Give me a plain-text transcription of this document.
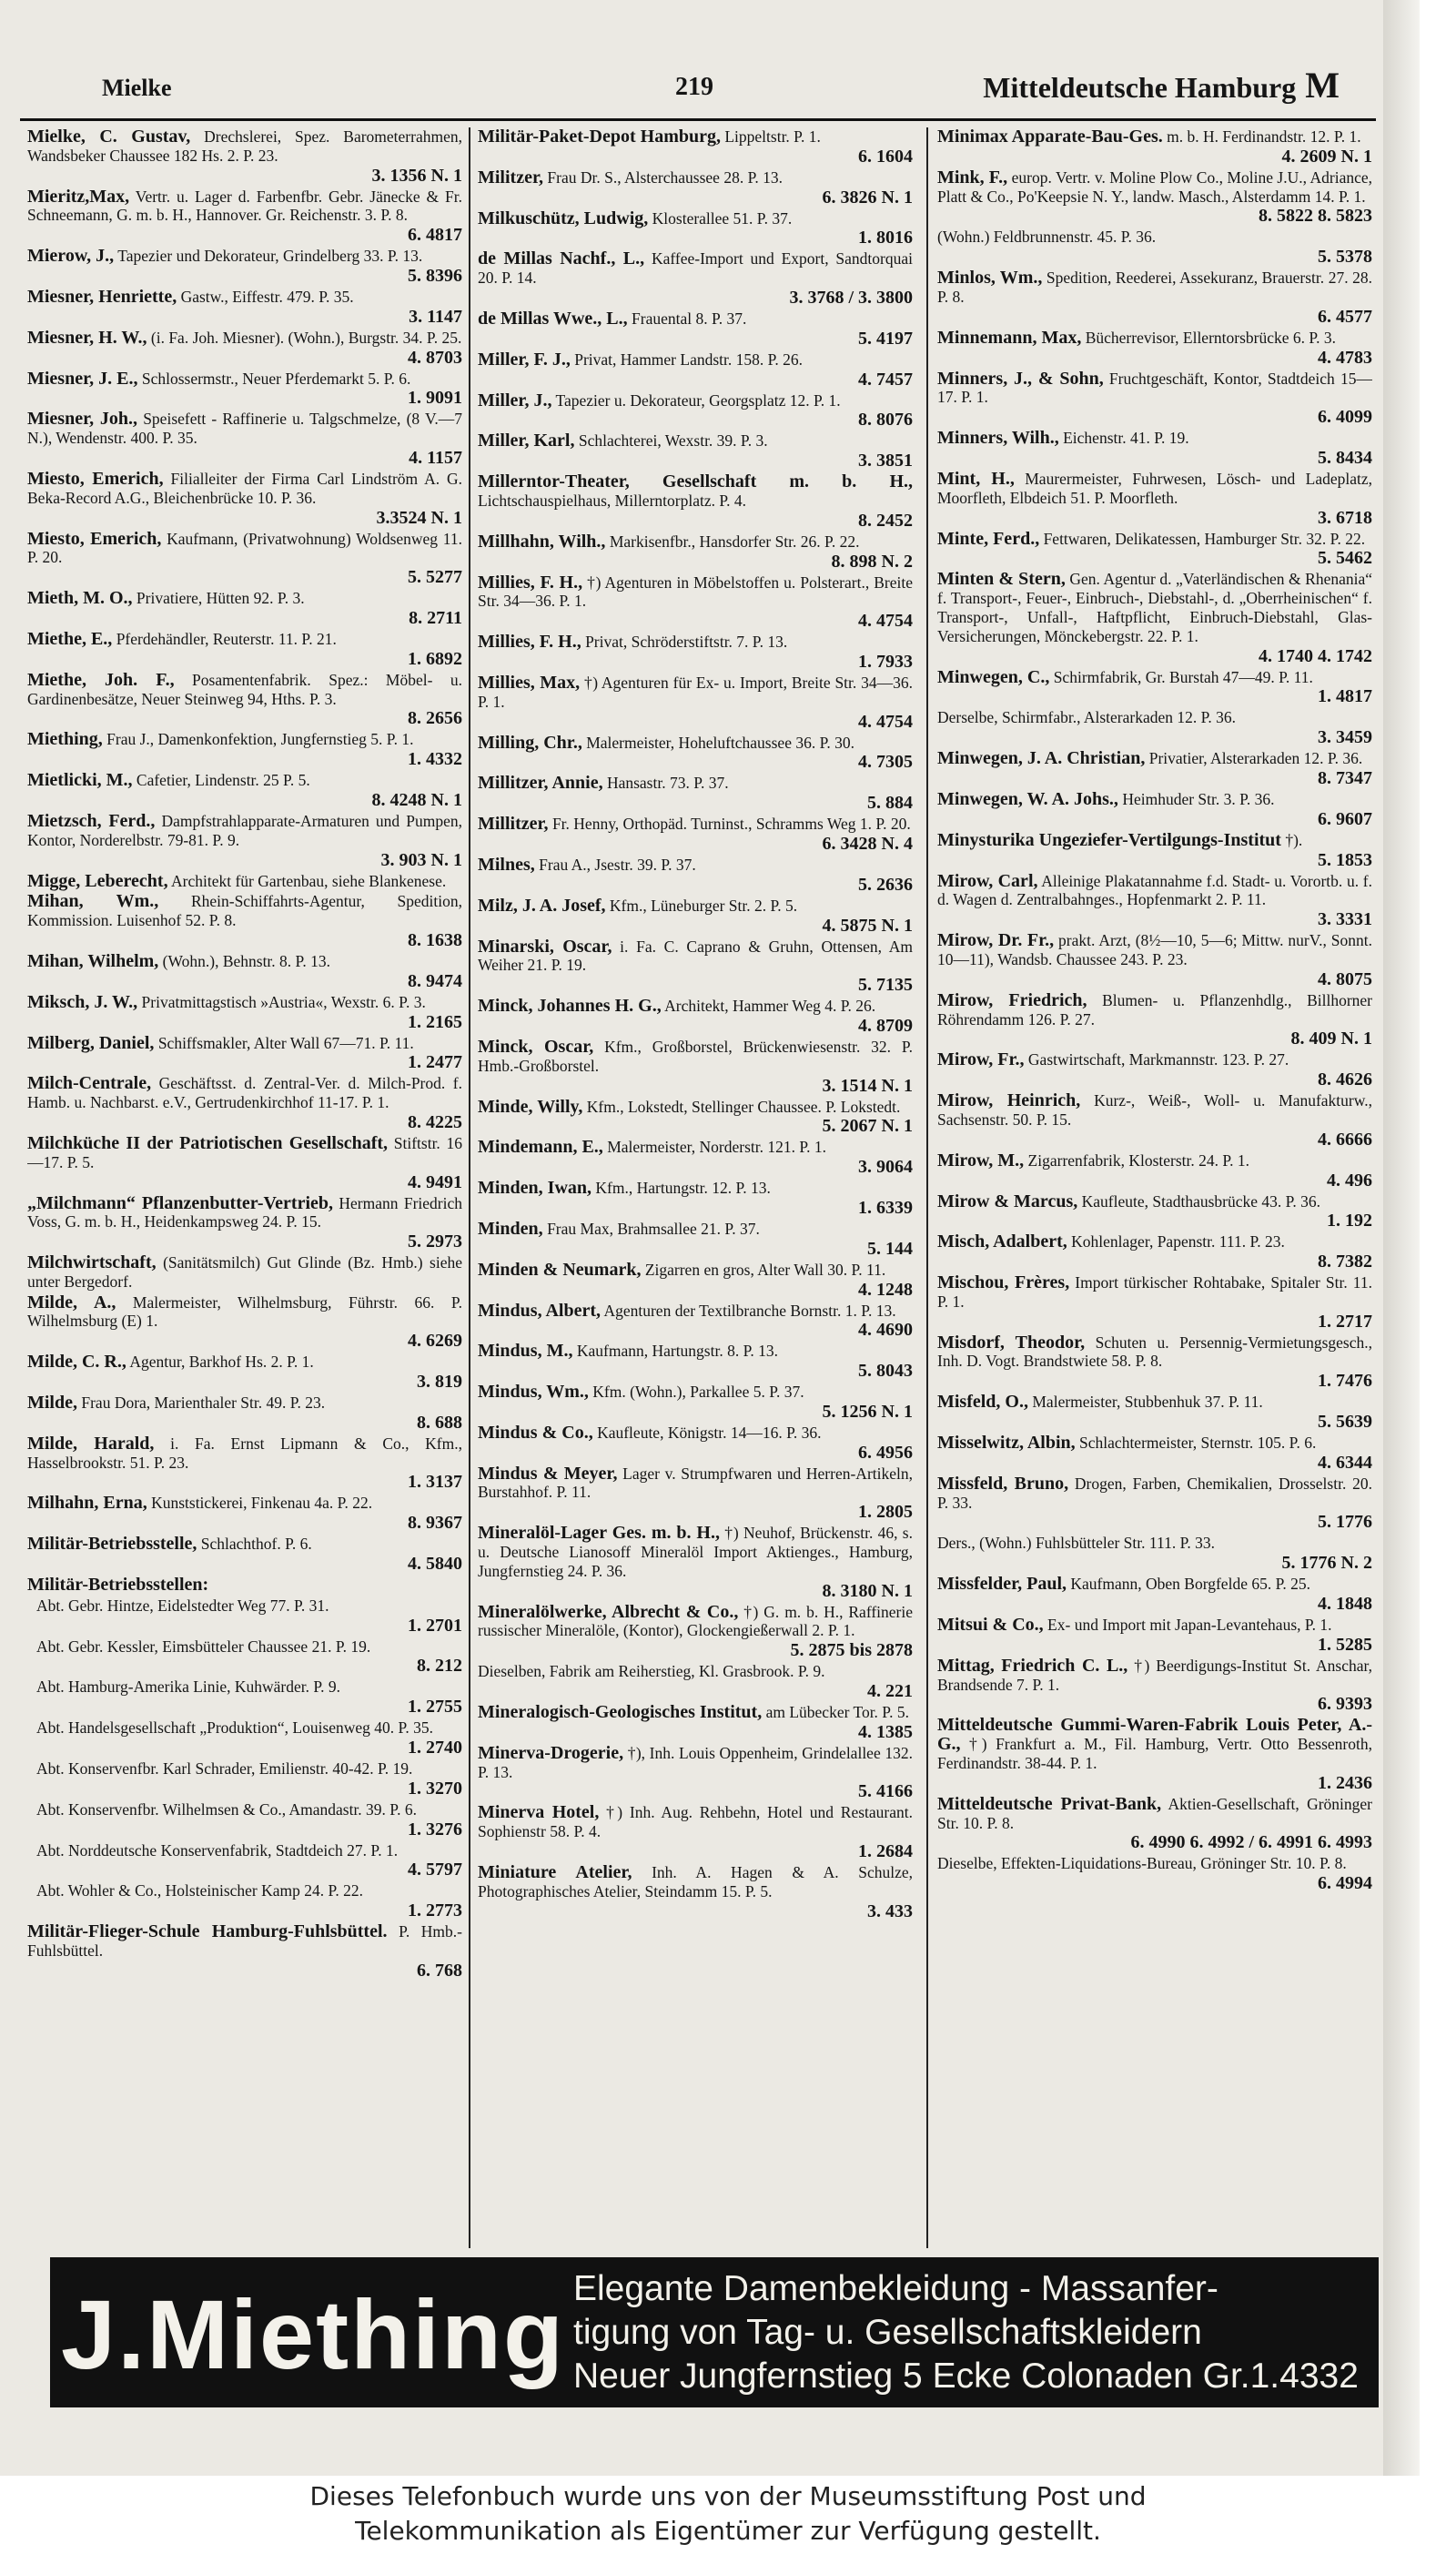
Mielke	219	Mitteldeutsche Hamburg M
Mielke, C. Gustav, Drechslerei, Spez. Barometerrahmen, Wandsbeker Chaussee 182 Hs. 2. P. 23.
3. 1356 N. 1
Mieritz,Max, Vertr. u. Lager d. Farbenfbr. Gebr. Jänecke & Fr. Schneemann, G. m. b. H., Hannover. Gr. Reichenstr. 3. P. 8.
6. 4817
Mierow, J., Tapezier und Dekorateur, Grindelberg 33. P. 13.
5. 8396
Miesner, Henriette, Gastw., Eiffestr. 479. P. 35.
3. 1147
Miesner, H. W., (i. Fa. Joh. Miesner). (Wohn.), Burgstr. 34. P. 25.
4. 8703
Miesner, J. E., Schlossermstr., Neuer Pferdemarkt 5. P. 6.
1. 9091
Miesner, Joh., Speisefett - Raffinerie u. Talgschmelze, (8 V.—7 N.), Wendenstr. 400. P. 35.
4. 1157
Miesto, Emerich, Filialleiter der Firma Carl Lindström A. G. Beka-Record A.G., Bleichenbrücke 10. P. 36.
3.3524 N. 1
Miesto, Emerich, Kaufmann, (Privatwohnung) Woldsenweg 11. P. 20.
5. 5277
Mieth, M. O., Privatiere, Hütten 92. P. 3.
8. 2711
Miethe, E., Pferdehändler, Reuterstr. 11. P. 21.
1. 6892
Miethe, Joh. F., Posamentenfabrik. Spez.: Möbel- u. Gardinenbesätze, Neuer Steinweg 94, Hths. P. 3.
8. 2656
Miething, Frau J., Damenkonfektion, Jungfernstieg 5. P. 1.
1. 4332
Mietlicki, M., Cafetier, Lindenstr. 25 P. 5.
8. 4248 N. 1
Mietzsch, Ferd., Dampfstrahlapparate-Armaturen und Pumpen, Kontor, Norderelbstr. 79-81. P. 9.
3. 903 N. 1
Migge, Leberecht, Architekt für Gartenbau, siehe Blankenese.
Mihan, Wm., Rhein-Schiffahrts-Agentur, Spedition, Kommission. Luisenhof 52. P. 8.
8. 1638
Mihan, Wilhelm, (Wohn.), Behnstr. 8. P. 13.
8. 9474
Miksch, J. W., Privatmittagstisch »Austria«, Wexstr. 6. P. 3.
1. 2165
Milberg, Daniel, Schiffsmakler, Alter Wall 67—71. P. 11.
1. 2477
Milch-Centrale, Geschäftsst. d. Zentral-Ver. d. Milch-Prod. f. Hamb. u. Nachbarst. e.V., Gertrudenkirchhof 11-17. P. 1.
8. 4225
Milchküche II der Patriotischen Gesellschaft, Stiftstr. 16—17. P. 5.
4. 9491
„Milchmann“ Pflanzenbutter-Vertrieb, Hermann Friedrich Voss, G. m. b. H., Heidenkampsweg 24. P. 15.
5. 2973
Milchwirtschaft, (Sanitätsmilch) Gut Glinde (Bz. Hmb.) siehe unter Bergedorf.
Milde, A., Malermeister, Wilhelmsburg, Führstr. 66. P. Wilhelmsburg (E) 1.
4. 6269
Milde, C. R., Agentur, Barkhof Hs. 2. P. 1.
3. 819
Milde, Frau Dora, Marienthaler Str. 49. P. 23.
8. 688
Milde, Harald, i. Fa. Ernst Lipmann & Co., Kfm., Hasselbrookstr. 51. P. 23.
1. 3137
Milhahn, Erna, Kunststickerei, Finkenau 4a. P. 22.
8. 9367
Militär-Betriebsstelle, Schlachthof. P. 6.
4. 5840
Militär-Betriebsstellen:
Abt. Gebr. Hintze, Eidelstedter Weg 77. P. 31.
1. 2701
Abt. Gebr. Kessler, Eimsbütteler Chaussee 21. P. 19.
8. 212
Abt. Hamburg-Amerika Linie, Kuhwärder. P. 9.
1. 2755
Abt. Handelsgesellschaft „Produktion“, Louisenweg 40. P. 35.
1. 2740
Abt. Konservenfbr. Karl Schrader, Emilienstr. 40-42. P. 19.
1. 3270
Abt. Konservenfbr. Wilhelmsen & Co., Amandastr. 39. P. 6.
1. 3276
Abt. Norddeutsche Konservenfabrik, Stadtdeich 27. P. 1.
4. 5797
Abt. Wohler & Co., Holsteinischer Kamp 24. P. 22.
1. 2773
Militär-Flieger-Schule Hamburg-Fuhlsbüttel. P. Hmb.-Fuhlsbüttel.
6. 768
Militär-Paket-Depot Hamburg, Lippeltstr. P. 1.
6. 1604
Militzer, Frau Dr. S., Alsterchaussee 28. P. 13.
6. 3826 N. 1
Milkuschütz, Ludwig, Klosterallee 51. P. 37.
1. 8016
de Millas Nachf., L., Kaffee-Import und Export, Sandtorquai 20. P. 14.
3. 3768 / 3. 3800
de Millas Wwe., L., Frauental 8. P. 37.
5. 4197
Miller, F. J., Privat, Hammer Landstr. 158. P. 26.
4. 7457
Miller, J., Tapezier u. Dekorateur, Georgsplatz 12. P. 1.
8. 8076
Miller, Karl, Schlachterei, Wexstr. 39. P. 3.
3. 3851
Millerntor-Theater, Gesellschaft m. b. H., Lichtschauspielhaus, Millerntorplatz. P. 4.
8. 2452
Millhahn, Wilh., Markisenfbr., Hansdorfer Str. 26. P. 22.
8. 898 N. 2
Millies, F. H., †) Agenturen in Möbelstoffen u. Polsterart., Breite Str. 34—36. P. 1.
4. 4754
Millies, F. H., Privat, Schröderstiftstr. 7. P. 13.
1. 7933
Millies, Max, †) Agenturen für Ex- u. Import, Breite Str. 34—36. P. 1.
4. 4754
Milling, Chr., Malermeister, Hoheluftchaussee 36. P. 30.
4. 7305
Millitzer, Annie, Hansastr. 73. P. 37.
5. 884
Millitzer, Fr. Henny, Orthopäd. Turninst., Schramms Weg 1. P. 20.
6. 3428 N. 4
Milnes, Frau A., Jsestr. 39. P. 37.
5. 2636
Milz, J. A. Josef, Kfm., Lüneburger Str. 2. P. 5.
4. 5875 N. 1
Minarski, Oscar, i. Fa. C. Caprano & Gruhn, Ottensen, Am Weiher 21. P. 19.
5. 7135
Minck, Johannes H. G., Architekt, Hammer Weg 4. P. 26.
4. 8709
Minck, Oscar, Kfm., Großborstel, Brückenwiesenstr. 32. P. Hmb.-Großborstel.
3. 1514 N. 1
Minde, Willy, Kfm., Lokstedt, Stellinger Chaussee. P. Lokstedt.
5. 2067 N. 1
Mindemann, E., Malermeister, Norderstr. 121. P. 1.
3. 9064
Minden, Iwan, Kfm., Hartungstr. 12. P. 13.
1. 6339
Minden, Frau Max, Brahmsallee 21. P. 37.
5. 144
Minden & Neumark, Zigarren en gros, Alter Wall 30. P. 11.
4. 1248
Mindus, Albert, Agenturen der Textilbranche Bornstr. 1. P. 13.
4. 4690
Mindus, M., Kaufmann, Hartungstr. 8. P. 13.
5. 8043
Mindus, Wm., Kfm. (Wohn.), Parkallee 5. P. 37.
5. 1256 N. 1
Mindus & Co., Kaufleute, Königstr. 14—16. P. 36.
6. 4956
Mindus & Meyer, Lager v. Strumpfwaren und Herren-Artikeln, Burstahhof. P. 11.
1. 2805
Mineralöl-Lager Ges. m. b. H., †) Neuhof, Brückenstr. 46, s. u. Deutsche Lianosoff Mineralöl Import Aktienges., Hamburg, Jungfernstieg 24. P. 36.
8. 3180 N. 1
Mineralölwerke, Albrecht & Co., †) G. m. b. H., Raffinerie russischer Mineralöle, (Kontor), Glockengießerwall 2. P. 1.
5. 2875 bis 2878
Dieselben, Fabrik am Reiherstieg, Kl. Grasbrook. P. 9.
4. 221
Mineralogisch-Geologisches Institut, am Lübecker Tor. P. 5.
4. 1385
Minerva-Drogerie, †), Inh. Louis Oppenheim, Grindelallee 132. P. 13.
5. 4166
Minerva Hotel, †) Inh. Aug. Rehbehn, Hotel und Restaurant. Sophienstr 58. P. 4.
1. 2684
Miniature Atelier, Inh. A. Hagen & A. Schulze, Photographisches Atelier, Steindamm 15. P. 5.
3. 433
Minimax Apparate-Bau-Ges. m. b. H. Ferdinandstr. 12. P. 1.
4. 2609 N. 1
Mink, F., europ. Vertr. v. Moline Plow Co., Moline J.U., Adriance, Platt & Co., Po'Keepsie N. Y., landw. Masch., Alsterdamm 14. P. 1.
8. 5822 8. 5823
(Wohn.) Feldbrunnenstr. 45. P. 36.
5. 5378
Minlos, Wm., Spedition, Reederei, Assekuranz, Brauerstr. 27. 28. P. 8.
6. 4577
Minnemann, Max, Bücherrevisor, Ellerntorsbrücke 6. P. 3.
4. 4783
Minners, J., & Sohn, Fruchtgeschäft, Kontor, Stadtdeich 15—17. P. 1.
6. 4099
Minners, Wilh., Eichenstr. 41. P. 19.
5. 8434
Mint, H., Maurermeister, Fuhrwesen, Lösch- und Ladeplatz, Moorfleth, Elbdeich 51. P. Moorfleth.
3. 6718
Minte, Ferd., Fettwaren, Delikatessen, Hamburger Str. 32. P. 22.
5. 5462
Minten & Stern, Gen. Agentur d. „Vaterländischen & Rhenania“ f. Transport-, Feuer-, Einbruch-, Diebstahl-, d. „Oberrheinischen“ f. Transport-, Unfall-, Haftpflicht, Einbruch-Diebstahl, Glas-Versicherungen, Mönckebergstr. 22. P. 1.
4. 1740 4. 1742
Minwegen, C., Schirmfabrik, Gr. Burstah 47—49. P. 11.
1. 4817
Derselbe, Schirmfabr., Alsterarkaden 12. P. 36.
3. 3459
Minwegen, J. A. Christian, Privatier, Alsterarkaden 12. P. 36.
8. 7347
Minwegen, W. A. Johs., Heimhuder Str. 3. P. 36.
6. 9607
Minysturika Ungeziefer-Vertilgungs-Institut †).
5. 1853
Mirow, Carl, Alleinige Plakatannahme f.d. Stadt- u. Vorortb. u. f. d. Wagen d. Zentralbahnges., Hopfenmarkt 2. P. 11.
3. 3331
Mirow, Dr. Fr., prakt. Arzt, (8½—10, 5—6; Mittw. nurV., Sonnt. 10—11), Wandsb. Chaussee 243. P. 23.
4. 8075
Mirow, Friedrich, Blumen- u. Pflanzenhdlg., Billhorner Röhrendamm 126. P. 27.
8. 409 N. 1
Mirow, Fr., Gastwirtschaft, Markmannstr. 123. P. 27.
8. 4626
Mirow, Heinrich, Kurz-, Weiß-, Woll- u. Manufakturw., Sachsenstr. 50. P. 15.
4. 6666
Mirow, M., Zigarrenfabrik, Klosterstr. 24. P. 1.
4. 496
Mirow & Marcus, Kaufleute, Stadthausbrücke 43. P. 36.
1. 192
Misch, Adalbert, Kohlenlager, Papenstr. 111. P. 23.
8. 7382
Mischou, Frères, Import türkischer Rohtabake, Spitaler Str. 11. P. 1.
1. 2717
Misdorf, Theodor, Schuten u. Persennig-Vermietungsgesch., Inh. D. Vogt. Brandstwiete 58. P. 8.
1. 7476
Misfeld, O., Malermeister, Stubbenhuk 37. P. 11.
5. 5639
Misselwitz, Albin, Schlachtermeister, Sternstr. 105. P. 6.
4. 6344
Missfeld, Bruno, Drogen, Farben, Chemikalien, Drosselstr. 20. P. 33.
5. 1776
Ders., (Wohn.) Fuhlsbütteler Str. 111. P. 33.
5. 1776 N. 2
Missfelder, Paul, Kaufmann, Oben Borgfelde 65. P. 25.
4. 1848
Mitsui & Co., Ex- und Import mit Japan-Levantehaus, P. 1.
1. 5285
Mittag, Friedrich C. L., †) Beerdigungs-Institut St. Anschar, Brandsende 7. P. 1.
6. 9393
Mitteldeutsche Gummi-Waren-Fabrik Louis Peter, A.-G., †) Frankfurt a. M., Fil. Hamburg, Vertr. Otto Bessenroth, Ferdinandstr. 38-44. P. 1.
1. 2436
Mitteldeutsche Privat-Bank, Aktien-Gesellschaft, Gröninger Str. 10. P. 8.
6. 4990 6. 4992 / 6. 4991 6. 4993
Dieselbe, Effekten-Liquidations-Bureau, Gröninger Str. 10. P. 8.
6. 4994
J.Miething Elegante Damenbekleidung - Massanfer-
tigung von Tag- u. Gesellschaftskleidern
Neuer Jungfernstieg 5 Ecke Colonaden Gr.1.4332
Dieses Telefonbuch wurde uns von der Museumsstiftung Post und
Telekommunikation als Eigentümer zur Verfügung gestellt.
